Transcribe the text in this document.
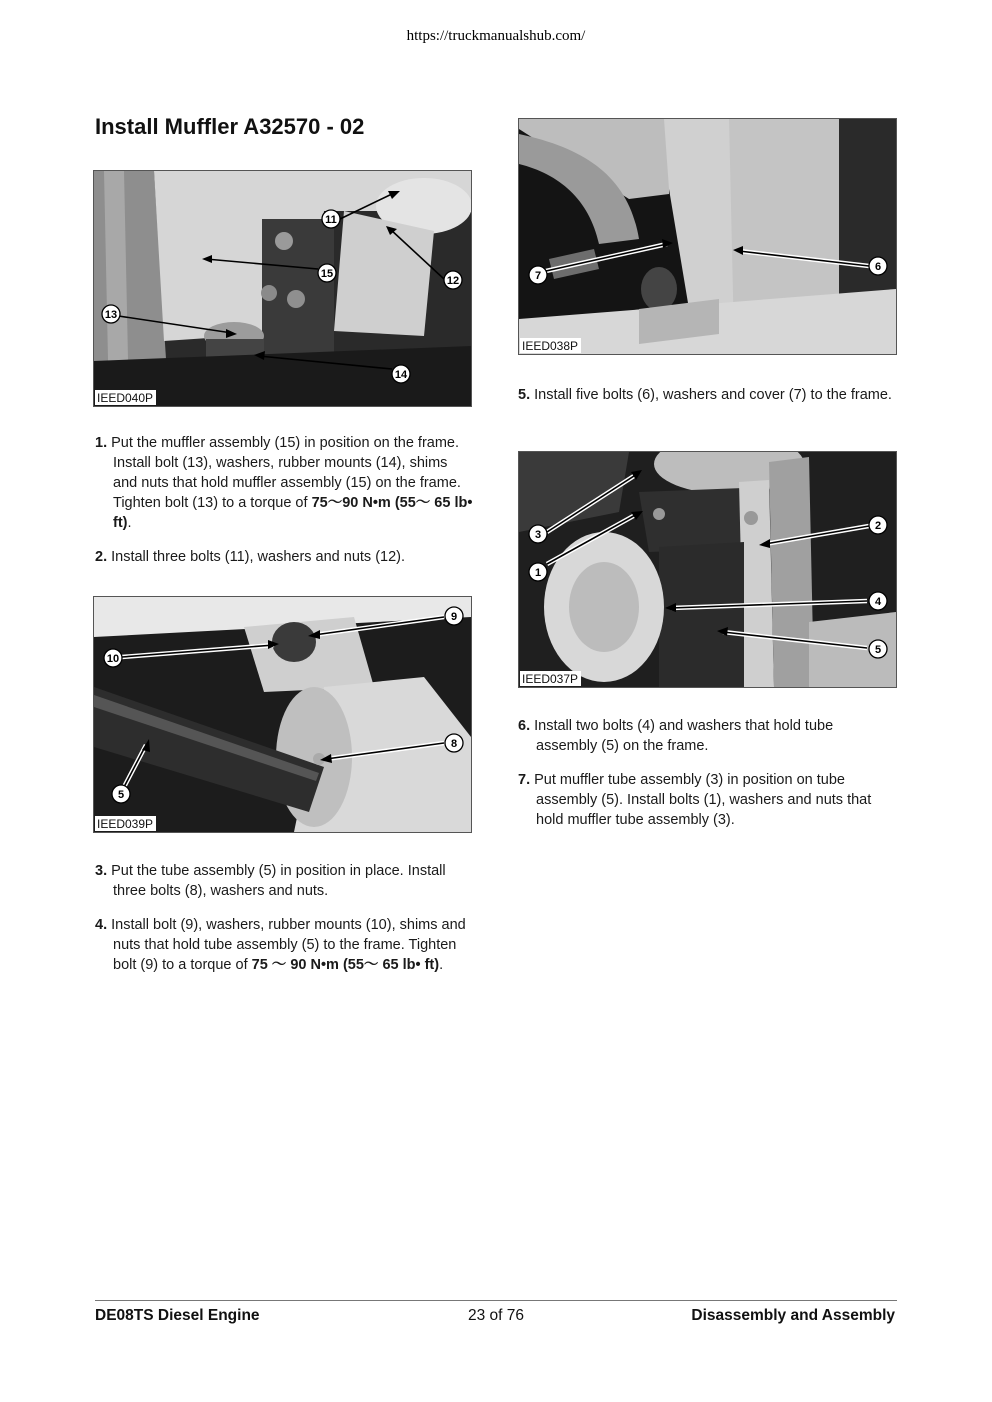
https://truckmanualshub.com/
Install Muffler A32570 - 02
11
15
12
13
14
IEED040P
9
10
8
5
IEED039P
7
6
IEED038P
3
2
1
4
5
IEED037P
1. Put the muffler assembly (15) in position on the frame. Install bolt (13), washers, rubber mounts (14), shims and nuts that hold muffler assembly (15) on the frame. Tighten bolt (13) to a torque of 75～90 N•m (55～ 65 lb• ft).
2. Install three bolts (11), washers and nuts (12).
3. Put the tube assembly (5) in position in place. Install three bolts (8), washers and nuts.
4. Install bolt (9), washers, rubber mounts (10), shims and nuts that hold tube assembly (5) to the frame. Tighten bolt (9) to a torque of 75 ～ 90 N•m (55～ 65 lb• ft).
5. Install five bolts (6), washers and cover (7) to the frame.
6. Install two bolts (4) and washers that hold tube assembly (5) on the frame.
7. Put muffler tube assembly (3) in position on tube assembly (5). Install bolts (1), washers and nuts that hold muffler tube assembly (3).
DE08TS Diesel Engine	23 of 76	Disassembly and Assembly
